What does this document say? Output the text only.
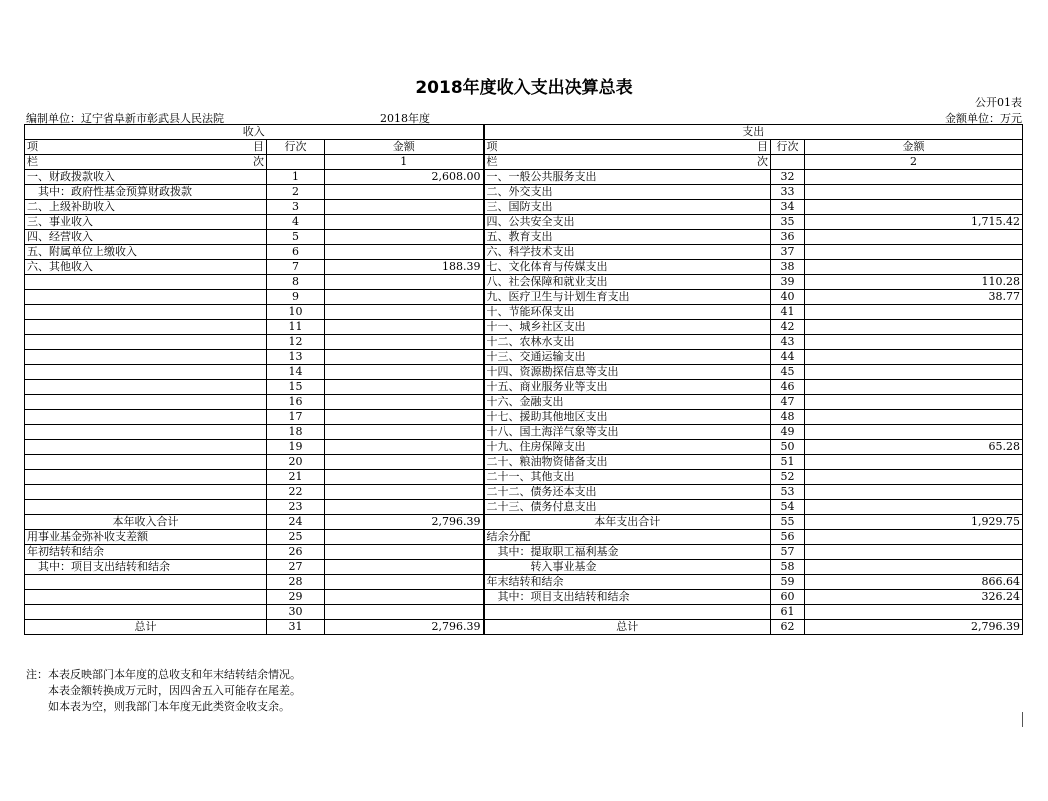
2018年度收入支出决算总表
公开01表
编制单位：辽宁省阜新市彰武县人民法院	2018年度	金额单位：万元
收入			支出		

项 目	行次	金额	项 目	行次	金额

栏 次		1	栏 次		2
一、财政拨款收入	1	2,608.00	一、一般公共服务支出	32	
　其中：政府性基金预算财政拨款	2		二、外交支出	33	
二、上级补助收入	3		三、国防支出	34	
三、事业收入	4		四、公共安全支出	35	1,715.42
四、经营收入	5		五、教育支出	36	
五、附属单位上缴收入	6		六、科学技术支出	37	
六、其他收入	7	188.39	七、文化体育与传媒支出	38	
	8		八、社会保障和就业支出	39	110.28
	9		九、医疗卫生与计划生育支出	40	38.77
	10		十、节能环保支出	41	
	11		十一、城乡社区支出	42	
	12		十二、农林水支出	43	
	13		十三、交通运输支出	44	
	14		十四、资源勘探信息等支出	45	
	15		十五、商业服务业等支出	46	
	16		十六、金融支出	47	
	17		十七、援助其他地区支出	48	
	18		十八、国土海洋气象等支出	49	
	19		十九、住房保障支出	50	65.28
	20		二十、粮油物资储备支出	51	
	21		二十一、其他支出	52	
	22		二十二、债务还本支出	53	
	23		二十三、债务付息支出	54	
本年收入合计	24	2,796.39	本年支出合计	55	1,929.75
用事业基金弥补收支差额	25		结余分配	56	
年初结转和结余	26		　其中：提取职工福利基金	57	
　其中：项目支出结转和结余	27		　　　　转入事业基金	58	
	28		年末结转和结余	59	866.64
	29		　其中：项目支出结转和结余	60	326.24
	30			61	
总计	31	2,796.39	总计	62	2,796.39
注：本表反映部门本年度的总收支和年末结转结余情况。
本表金额转换成万元时，因四舍五入可能存在尾差。
如本表为空，则我部门本年度无此类资金收支余。
